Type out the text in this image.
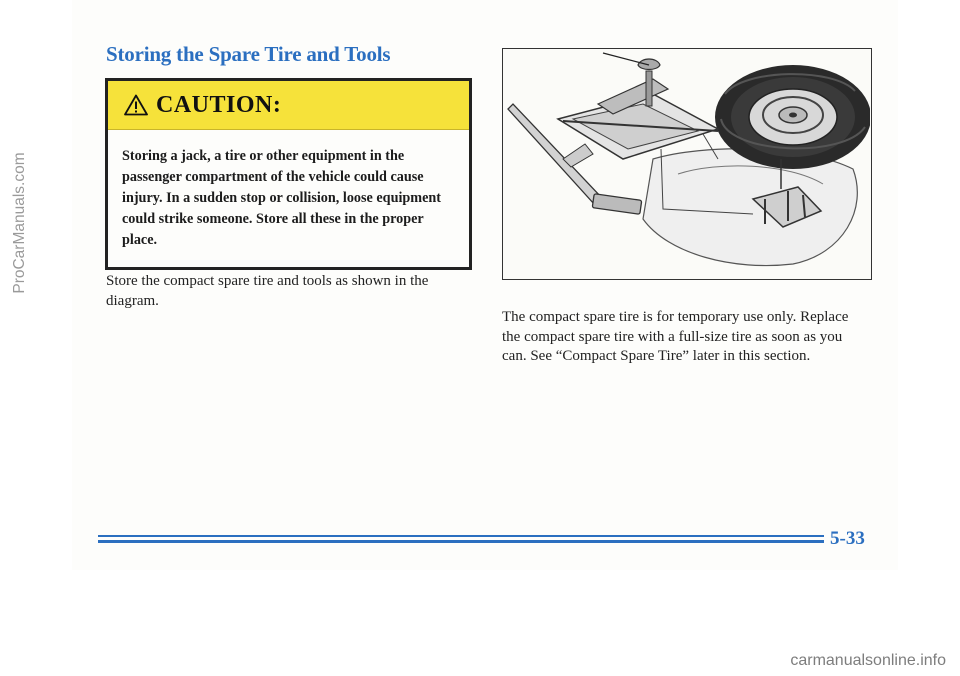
Storing the Spare Tire and Tools
CAUTION:

Storing a jack, a tire or other equipment in the passenger compartment of the vehicle could cause injury. In a sudden stop or collision, loose equipment could strike someone. Store all these in the proper place.

Store the compact spare tire and tools as shown in the diagram.

The compact spare tire is for temporary use only. Replace the compact spare tire with a full-size tire as soon as you can. See “Compact Spare Tire” later in this section.

5-33
ProCarManuals.com
carmanualsonline.info
